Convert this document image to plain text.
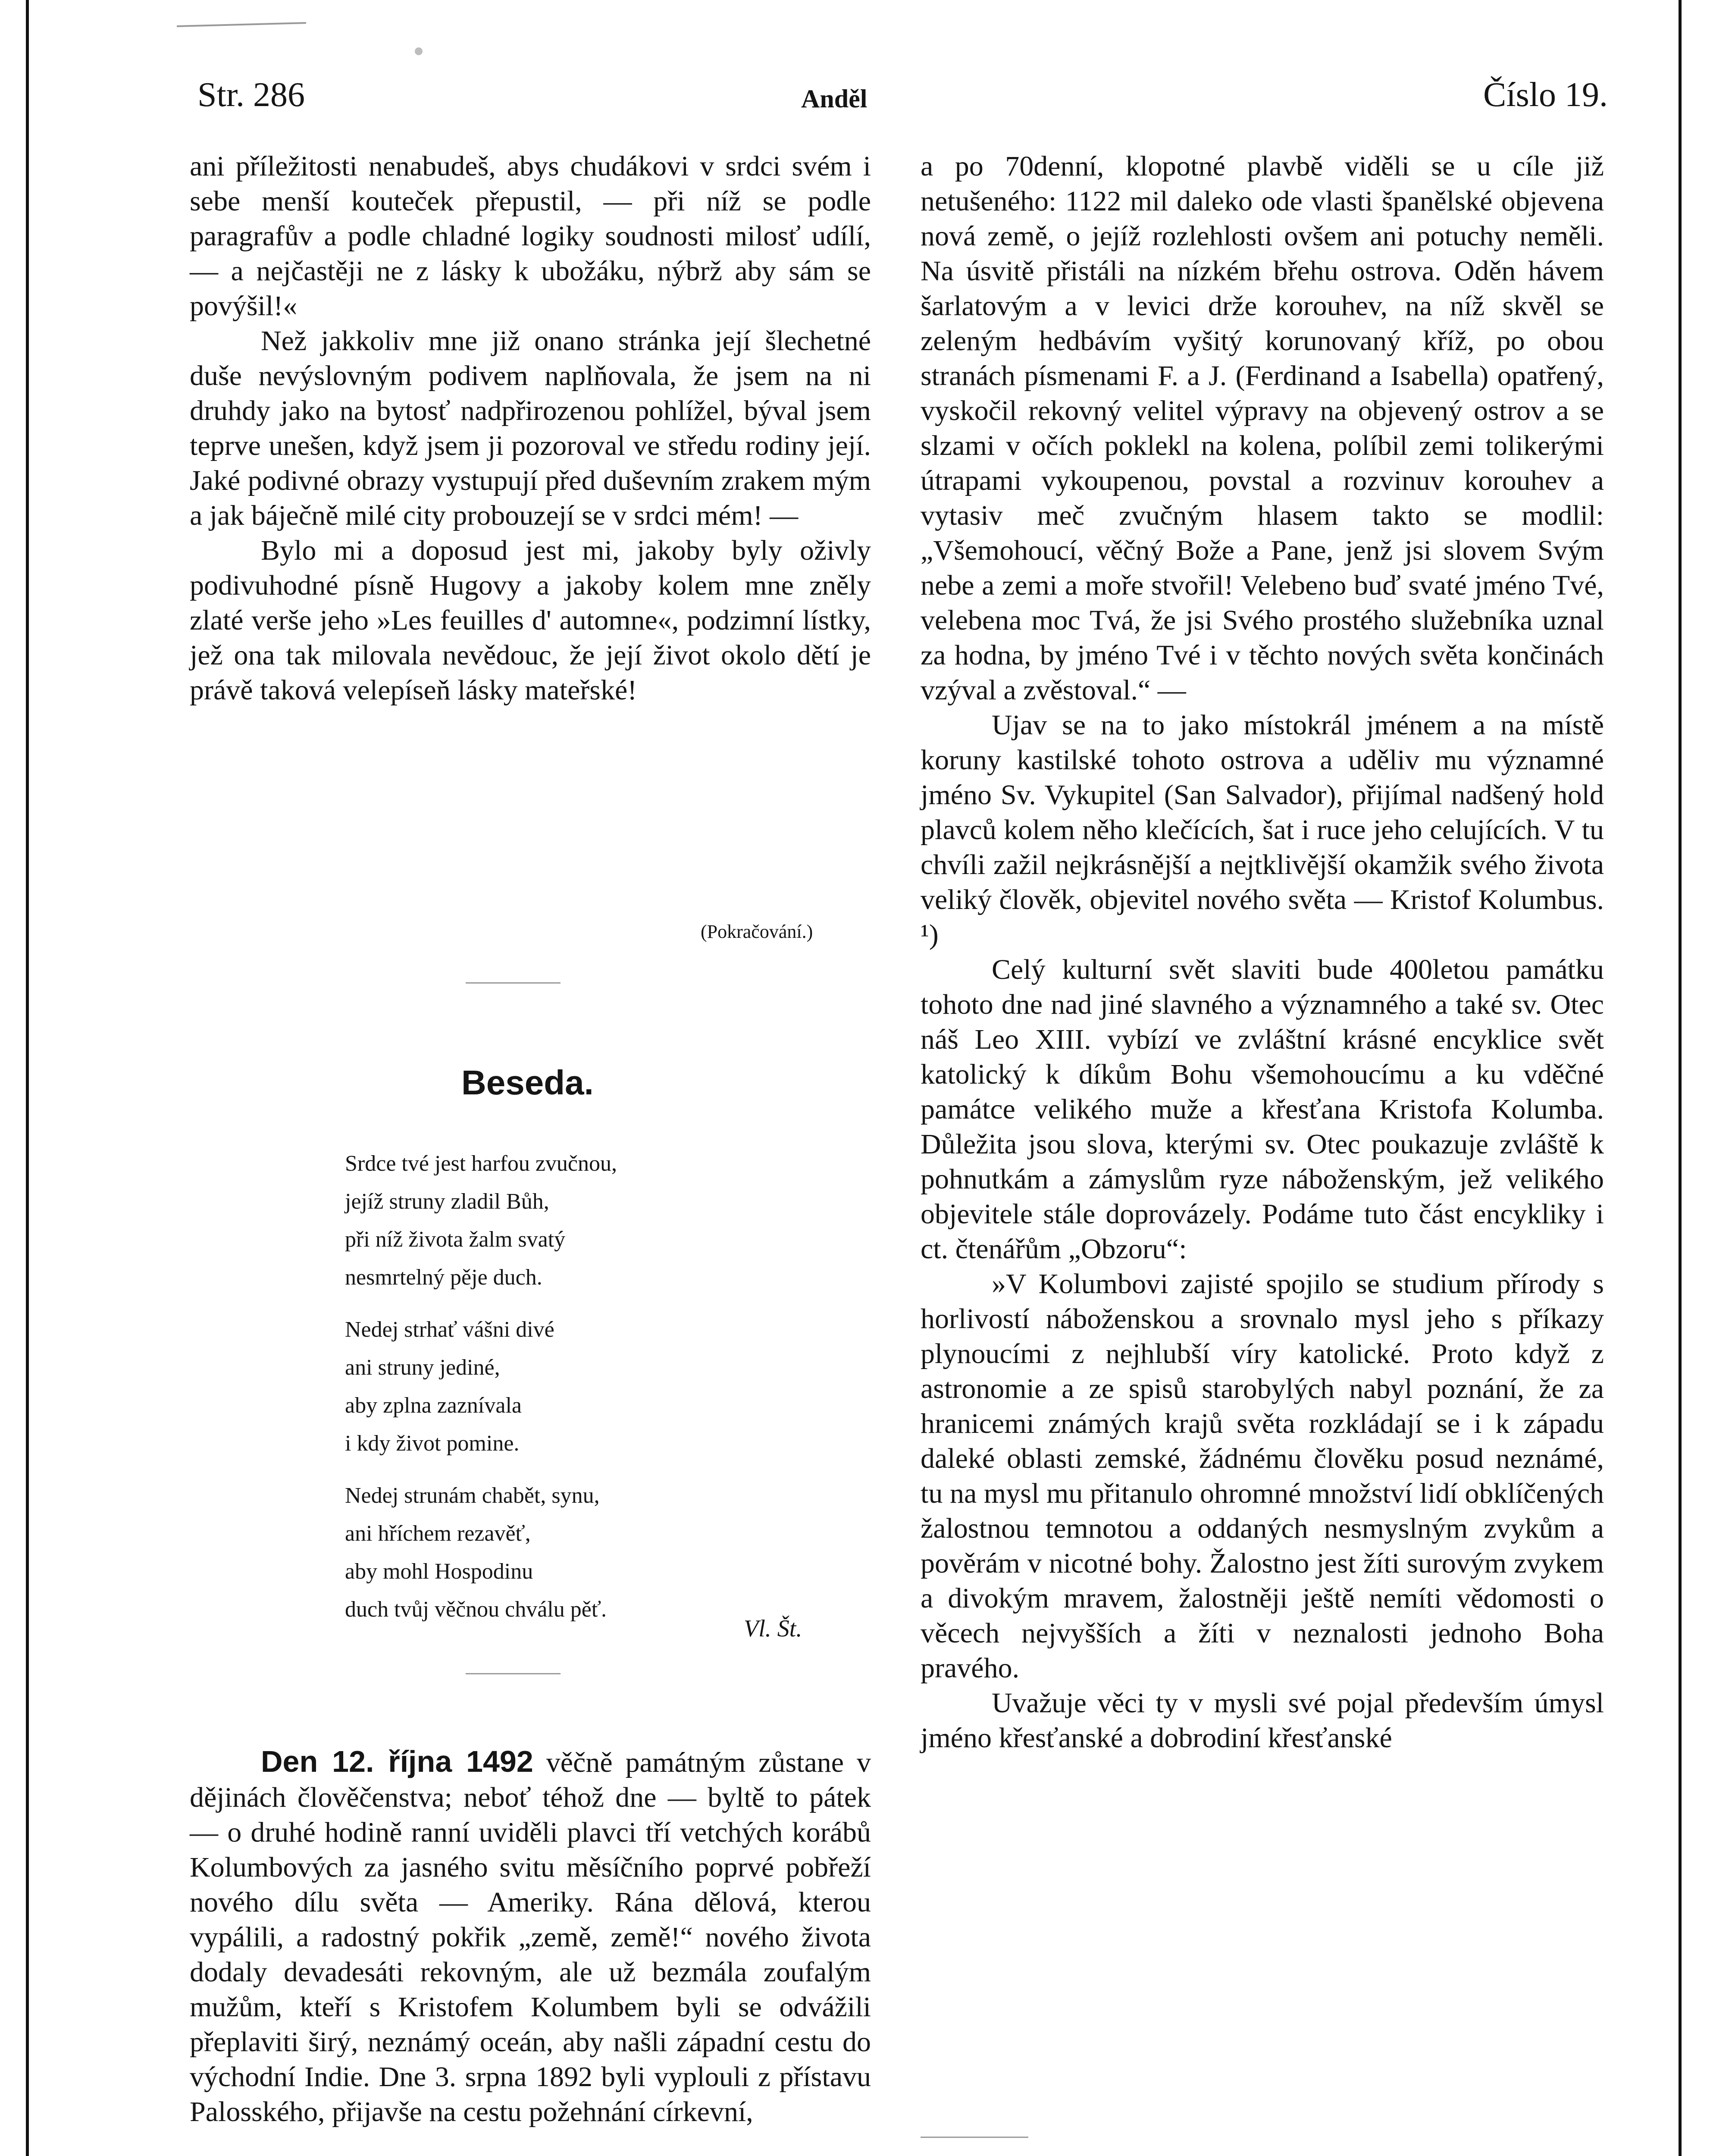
Str. 286	Anděl	Číslo 19.

ani příležitosti nenabudeš, abys chudákovi v srdci svém i sebe menší kouteček přepustil, — při níž se podle paragrafův a podle chladné logiky soudnosti milosť udílí, — a nejčastěji ne z lásky k ubožáku, nýbrž aby sám se povýšil!«

Než jakkoliv mne již onano stránka její šlechetné duše nevýslovným podivem naplňovala, že jsem na ni druhdy jako na bytosť nadpřirozenou pohlížel, býval jsem teprve unešen, když jsem ji pozoroval ve středu rodiny její. Jaké podivné obrazy vystupují před duševním zrakem mým a jak báječně milé city probouzejí se v srdci mém! —

Bylo mi a doposud jest mi, jakoby byly oživly podivuhodné písně Hugovy a jakoby kolem mne zněly zlaté verše jeho »Les feuilles d' automne«, podzimní lístky, jež ona tak milovala nevědouc, že její život okolo dětí je právě taková velepíseň lásky mateřské!

(Pokračování.)
Beseda.
Srdce tvé jest harfou zvučnou,
jejíž struny zladil Bůh,
při níž života žalm svatý
nesmrtelný pěje duch.
Nedej strhať vášni divé
ani struny jediné,
aby zplna zaznívala
i kdy život pomine.
Nedej strunám chabět, synu,
ani hříchem rezavěť,
aby mohl Hospodinu
duch tvůj věčnou chválu pěť.
Vl. Št.
Den 12. října 1492 věčně památným zůstane v dějinách člověčenstva; neboť téhož dne — byltě to pátek — o druhé hodině ranní uviděli plavci tří vetchých korábů Kolumbových za jasného svitu měsíčního poprvé pobřeží nového dílu světa — Ameriky. Rána dělová, kterou vypálili, a radostný pokřik „země, země!“ nového života dodaly devadesáti rekovným, ale už bezmála zoufalým mužům, kteří s Kristofem Kolumbem byli se odvážili přeplaviti širý, neznámý oceán, aby našli západní cestu do východní Indie. Dne 3. srpna 1892 byli vyplouli z přístavu Palosského, přijavše na cestu požehnání církevní,

a po 70denní, klopotné plavbě viděli se u cíle již netušeného: 1122 mil daleko ode vlasti španělské objevena nová země, o jejíž rozlehlosti ovšem ani potuchy neměli. Na úsvitě přistáli na nízkém břehu ostrova. Oděn hávem šarlatovým a v levici drže korouhev, na níž skvěl se zeleným hedbávím vyšitý korunovaný kříž, po obou stranách písmenami F. a J. (Ferdinand a Isabella) opatřený, vyskočil rekovný velitel výpravy na objevený ostrov a se slzami v očích poklekl na kolena, políbil zemi tolikerými útrapami vykoupenou, povstal a rozvinuv korouhev a vytasiv meč zvučným hlasem takto se modlil: „Všemohoucí, věčný Bože a Pane, jenž jsi slovem Svým nebe a zemi a moře stvořil! Velebeno buď svaté jméno Tvé, velebena moc Tvá, že jsi Svého prostého služebníka uznal za hodna, by jméno Tvé i v těchto nových světa končinách vzýval a zvěstoval.“ —

Ujav se na to jako místokrál jménem a na místě koruny kastilské tohoto ostrova a uděliv mu významné jméno Sv. Vykupitel (San Salvador), přijímal nadšený hold plavců kolem něho klečících, šat i ruce jeho celujících. V tu chvíli zažil nejkrásnější a nejtklivější okamžik svého života veliký člověk, objevitel nového světa — Kristof Kolumbus. ¹)

Celý kulturní svět slaviti bude 400letou památku tohoto dne nad jiné slavného a významného a také sv. Otec náš Leo XIII. vybízí ve zvláštní krásné encyklice svět katolický k díkům Bohu všemohoucímu a ku vděčné památce velikého muže a křesťana Kristofa Kolumba. Důležita jsou slova, kterými sv. Otec poukazuje zvláště k pohnutkám a zámyslům ryze náboženským, jež velikého objevitele stále doprovázely. Podáme tuto část encykliky i ct. čtenářům „Obzoru“:

»V Kolumbovi zajisté spojilo se studium přírody s horlivostí náboženskou a srovnalo mysl jeho s příkazy plynoucími z nejhlubší víry katolické. Proto když z astronomie a ze spisů starobylých nabyl poznání, že za hranicemi známých krajů světa rozkládají se i k západu daleké oblasti zemské, žádnému člověku posud neznámé, tu na mysl mu přitanulo ohromné množství lidí obklíčených žalostnou temnotou a oddaných nesmyslným zvykům a pověrám v nicotné bohy. Žalostno jest žíti surovým zvykem a divokým mravem, žalostněji ještě nemíti vědomosti o věcech nejvyšších a žíti v neznalosti jednoho Boha pravého.

Uvažuje věci ty v mysli své pojal především úmysl jméno křesťanské a dobrodiní křesťanské
